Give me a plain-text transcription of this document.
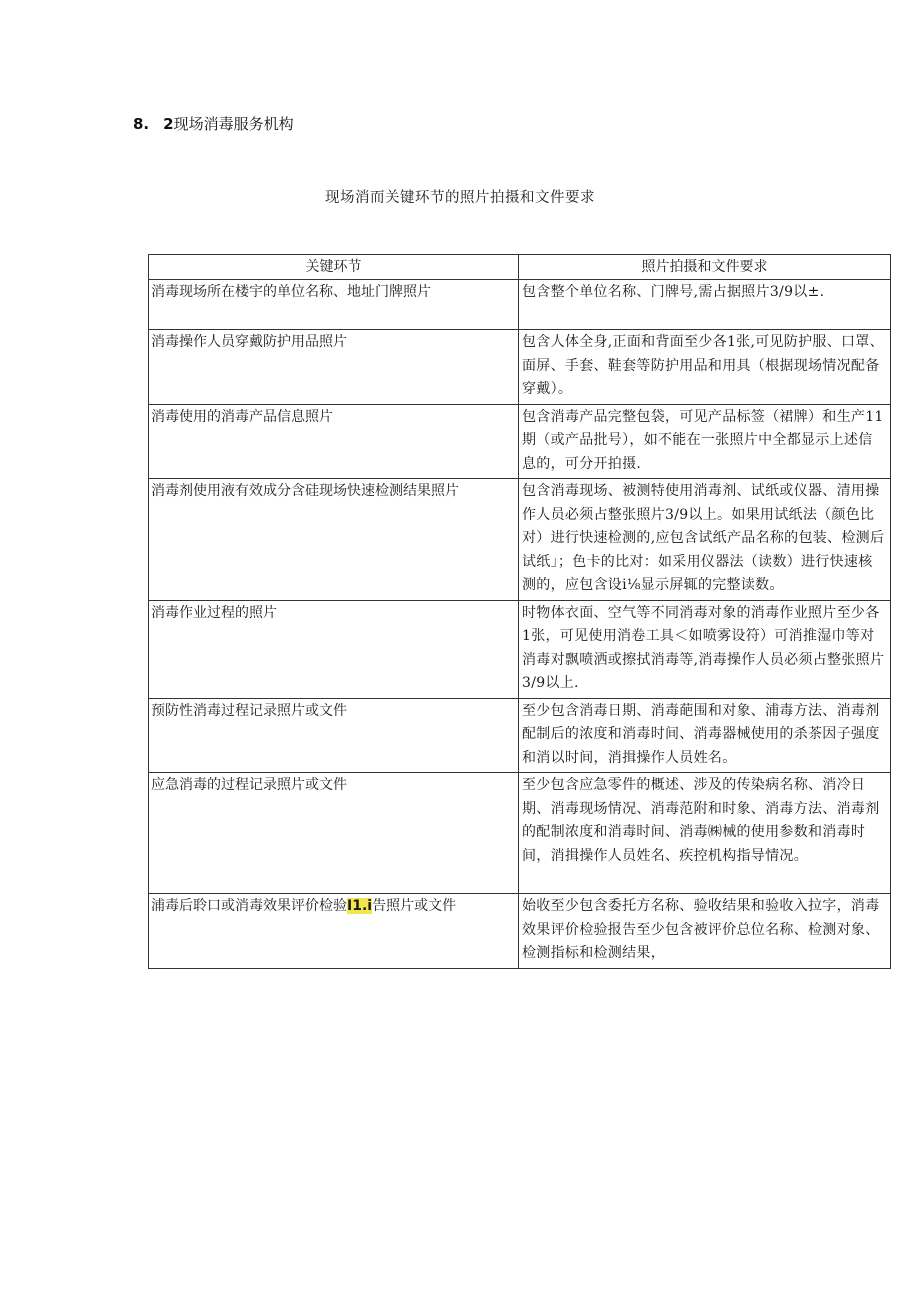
8. 2现场消毒服务机构
现场消而关键环节的照片拍摄和文件要求
关键环节	照片拍摄和文件要求
消毒现场所在楼宇的单位名称、地址门牌照片	包含整个单位名称、门牌号,需占据照片3/9以±.
消毒操作人员穿戴防护用品照片	包含人体全身,正面和背面至少各1张,可见防护服、口罩、面屏、手套、鞋套等防护用品和用具（根据现场情况配备穿戴）。
消毒使用的消毒产品信息照片	包含消毒产品完整包袋，可见产品标签（裙牌）和生产11期（或产品批号），如不能在一张照片中全都显示上述信息的，可分开拍摄.
消毒剂使用液有效成分含硅现场快速检测结果照片	包含消毒现场、被测特使用消毒剂、试纸或仪器、清用操作人员必须占整张照片3/9以上。如果用试纸法（颜色比对）进行快速检测的,应包含试纸产品名称的包装、检测后试纸」；色卡的比对：如采用仪器法（读数）进行快速核测的，应包含设i⅛显示屏辄的完整读数。
消毒作业过程的照片	时物体衣面、空气等不同消毒对象的消毒作业照片至少各1张，可见使用消卷工具＜如喷雾设符）可消推湿巾等对消毒对飘喷洒或擦拭消毒等,消毒操作人员必须占整张照片3/9以上.
预防性消毒过程记录照片或文件	至少包含消毒日期、消毒葩围和对象、浦毒方法、消毒剂配制后的浓度和消毒时间、消毒器械使用的杀茶因子强度和消以时间，消揖操作人员姓名。
应急消毒的过程记录照片或文件	至少包含应急零件的概述、涉及的传染病名称、消冷日期、消毒现场情况、消毒范附和时象、消毒方法、消毒剂的配制浓度和消毒时间、消毒㈱械的使用参数和消毒时间，消揖操作人员姓名、疾控机构指导情况。
浦毒后聆口或消毒效果评价检验I1.i告照片或文件	始收至少包含委托方名称、验收结果和验收入拉字，消毒效果评价检验报告至少包含被评价总位名称、检测对象、检测指标和检测结果，
